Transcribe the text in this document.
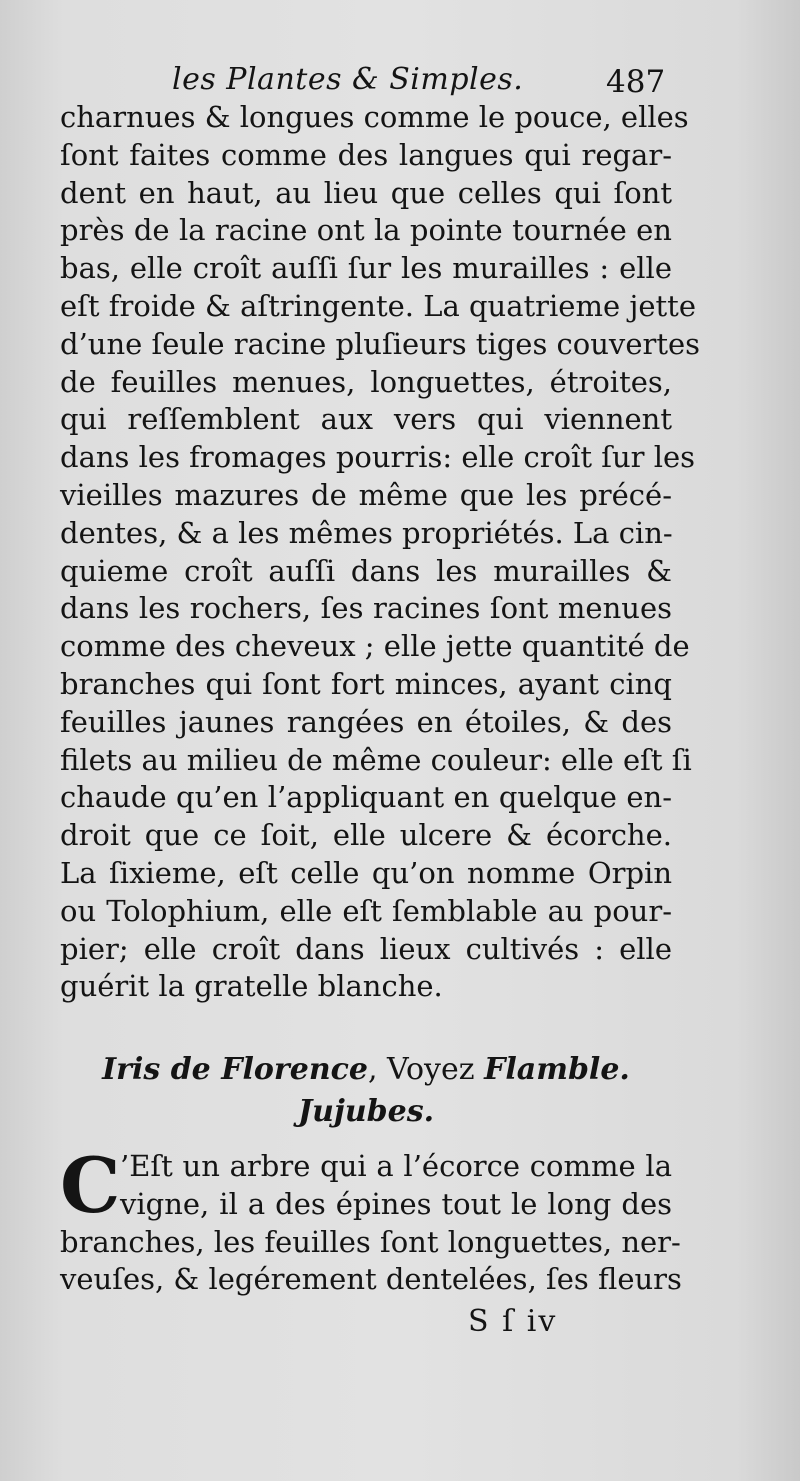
les Plantes & Simples.	487
charnues & longues comme le pouce, elles
ſont faites comme des langues qui regar-
dent en haut, au lieu que celles qui ſont
près de la racine ont la pointe tournée en
bas, elle croît auſſi ſur les murailles : elle
eſt froide & aſtringente. La quatrieme jette
d’une ſeule racine pluſieurs tiges couvertes
de feuilles menues, longuettes, étroites,
qui reſſemblent aux vers qui viennent
dans les fromages pourris: elle croît ſur les
vieilles mazures de même que les précé-
dentes, & a les mêmes propriétés. La cin-
quieme croît auſſi dans les murailles &
dans les rochers, ſes racines ſont menues
comme des cheveux ; elle jette quantité de
branches qui ſont fort minces, ayant cinq
feuilles jaunes rangées en étoiles, & des
filets au milieu de même couleur: elle eſt ſi
chaude qu’en l’appliquant en quelque en-
droit que ce ſoit, elle ulcere & écorche.
La ſixieme, eſt celle qu’on nomme Orpin
ou Tolophium, elle eſt ſemblable au pour-
pier; elle croît dans lieux cultivés : elle
guérit la gratelle blanche.
Iris de Florence, Voyez Flamble.
Jujubes.
C ’Eſt un arbre qui a l’écorce comme la
vigne, il a des épines tout le long des
branches, les feuilles ſont longuettes, ner-
veuſes, & legérement dentelées, ſes fleurs
S ſ iv
